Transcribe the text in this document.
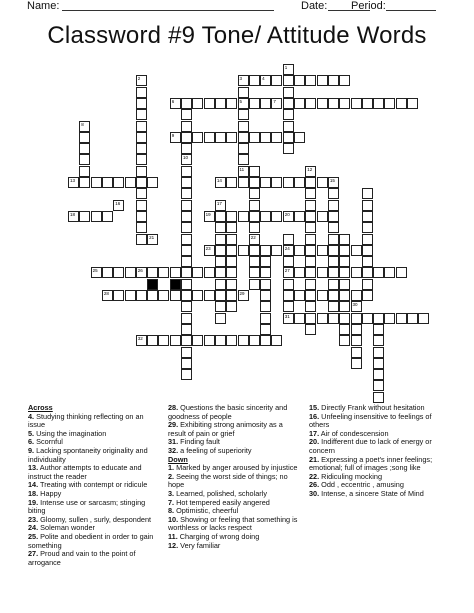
Name:	Date: Period:
Classword #9 Tone/ Attitude Words
2	3
5
11
1
10
8
22
12
15
24
27
31
30
4
6	7
9
13	14
18	19	20
23
25	26
28
32
16	17
21
29
Across
4. Studying thinking reflecting on an issue
5. Using the imagination
6. Scornful
9. Lacking spontaneity originality and individuality
13. Author attempts to educate and instruct the reader
14. Treating with contempt or ridicule
18. Happy
19. Intense use or sarcasm; stinging biting
23. Gloomy, sullen , surly, despondent
24. Soleman wonder
25. Polite and obedient in order to gain something
27. Proud and vain to the point of arrogance
28. Questions the basic sincerity and goodness of people
29. Exhibiting strong animosity as a result of pain or grief
31. Finding fault
32. a feeling of superiority
Down
1. Marked by anger aroused by injustice
2. Seeing the worst side of things; no hope
3. Learned, polished, scholarly
7. Hot tempered easily angered
8. Optimistic, cheerful
10. Showing or feeling that something is worthless or lacks respect
11. Charging of wrong doing
12. Very familiar
15. Directly Frank without hesitation
16. Unfeeling insensitive to feelings of others
17. Air of condescension
20. Indifferent due to lack of energy or concern
21. Expressing a poet's inner feelings; emotional; full of images ;song like
22. Ridiculing mocking
26. Odd , eccentric , amusing
30. Intense, a sincere State of Mind
